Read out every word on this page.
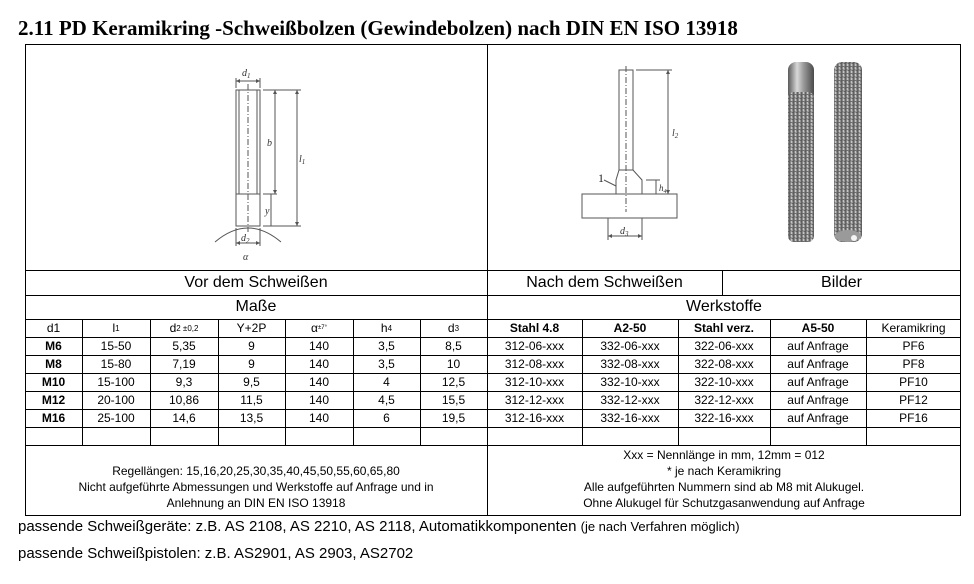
2.11 PD Keramikring -Schweißbolzen (Gewindebolzen) nach DIN EN ISO 13918
$d_1$
b
$l_1$
y
$d_2$
α
1
$l_2$
$h_4$
$d_3$
Vor dem Schweißen	Nach dem Schweißen	Bilder
Maße	Werkstoffe
d1	l 1	d 2 ±0,2	Y+2P	α ±7°	h 4	d 3	Stahl 4.8	A2-50	Stahl verz.	A5-50	Keramikring
M6	15-50	5,35	9	140	3,5	8,5	312-06-xxx	332-06-xxx	322-06-xxx	auf Anfrage	PF6
M8	15-80	7,19	9	140	3,5	10	312-08-xxx	332-08-xxx	322-08-xxx	auf Anfrage	PF8
M10	15-100	9,3	9,5	140	4	12,5	312-10-xxx	332-10-xxx	322-10-xxx	auf Anfrage	PF10
M12	20-100	10,86	11,5	140	4,5	15,5	312-12-xxx	332-12-xxx	322-12-xxx	auf Anfrage	PF12
M16	25-100	14,6	13,5	140	6	19,5	312-16-xxx	332-16-xxx	322-16-xxx	auf Anfrage	PF16
Regellängen: 15,16,20,25,30,35,40,45,50,55,60,65,80
Nicht aufgeführte Abmessungen und Werkstoffe auf Anfrage und in
Anlehnung an DIN EN ISO 13918
Xxx = Nennlänge in mm, 12mm = 012
* je nach Keramikring
Alle aufgeführten Nummern sind ab M8 mit Alukugel.
Ohne Alukugel für Schutzgasanwendung auf Anfrage
passende Schweißgeräte: z.B. AS 2108, AS 2210, AS 2118, Automatikkomponenten (je nach Verfahren möglich)
passende Schweißpistolen: z.B. AS2901, AS 2903, AS2702
